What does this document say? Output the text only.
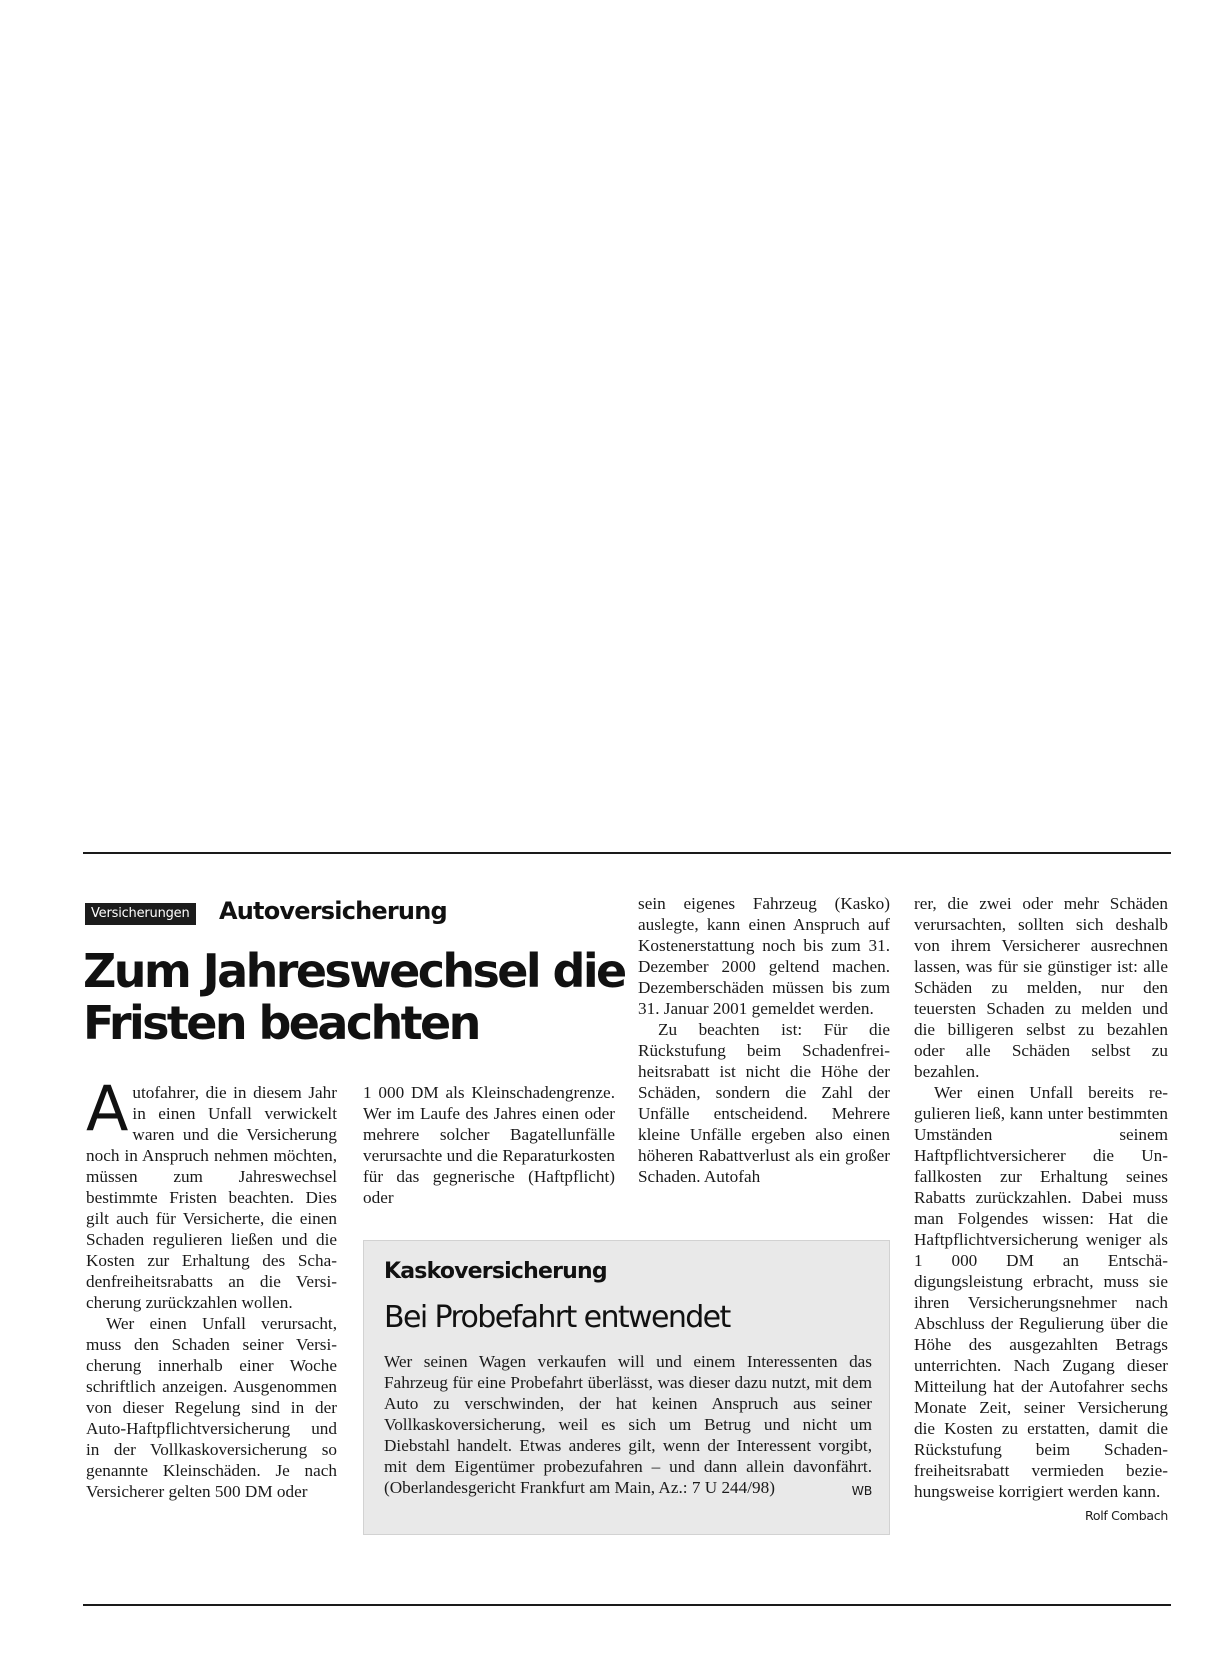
Versicherungen Autoversicherung
Zum Jahreswechsel die
Fristen beachten

Autofahrer, die in diesem Jahr in einen Unfall verwickelt waren und die Versicherung noch in Anspruch nehmen möchten, müssen zum Jahreswechsel bestimmte Fristen beachten. Dies gilt auch für Versicherte, die einen Schaden regulieren ließen und die Kosten zur Erhaltung des Schadenfreiheitsrabatts an die Versicherung zurückzahlen wollen.

Wer einen Unfall verursacht, muss den Schaden seiner Versicherung innerhalb einer Woche schriftlich anzeigen. Ausgenommen von dieser Regelung sind in der Auto-Haftpflichtversicherung und in der Vollkaskoversicherung so genannte Kleinschäden. Je nach Versicherer gelten 500 DM oder

1 000 DM als Kleinschadengrenze. Wer im Laufe des Jahres einen oder mehrere solcher Bagatellunfälle verursachte und die Reparaturkosten für das gegnerische (Haftpflicht) oder

sein eigenes Fahrzeug (Kasko) auslegte, kann einen Anspruch auf Kostenerstattung noch bis zum 31. Dezember 2000 geltend machen. Dezemberschäden müssen bis zum 31. Januar 2001 gemeldet werden.

Zu beachten ist: Für die Rückstufung beim Schadenfreiheitsrabatt ist nicht die Höhe der Schäden, sondern die Zahl der Unfälle entscheidend. Mehrere kleine Unfälle ergeben also einen höheren Rabattverlust als ein großer Schaden. Autofah

rer, die zwei oder mehr Schäden verursachten, sollten sich deshalb von ihrem Versicherer ausrechnen lassen, was für sie günstiger ist: alle Schäden zu melden, nur den teuersten Schaden zu melden und die billigeren selbst zu bezahlen oder alle Schäden selbst zu bezahlen.

Wer einen Unfall bereits regulieren ließ, kann unter bestimmten Umständen seinem Haftpflichtversicherer die Unfallkosten zur Erhaltung seines Rabatts zurückzahlen. Dabei muss man Folgendes wissen: Hat die Haftpflichtversicherung weniger als 1 000 DM an Entschädigungsleistung erbracht, muss sie ihren Versicherungsnehmer nach Abschluss der Regulierung über die Höhe des ausgezahlten Betrags unterrichten. Nach Zugang dieser Mitteilung hat der Autofahrer sechs Monate Zeit, seiner Versicherung die Kosten zu erstatten, damit die Rückstufung beim Schadenfreiheitsrabatt vermieden beziehungsweise korrigiert werden kann.
Rolf Combach

Kaskoversicherung
Bei Probefahrt entwendet

Wer seinen Wagen verkaufen will und einem Interessenten das Fahrzeug für eine Probefahrt überlässt, was dieser dazu nutzt, mit dem Auto zu verschwinden, der hat keinen Anspruch aus seiner Vollkaskoversicherung, weil es sich um Betrug und nicht um Diebstahl handelt. Etwas anderes gilt, wenn der Interessent vorgibt, mit dem Eigentümer probezufahren – und dann allein davonfährt. (Oberlandesgericht Frankfurt am Main, Az.: 7 U 244/98)	WB
